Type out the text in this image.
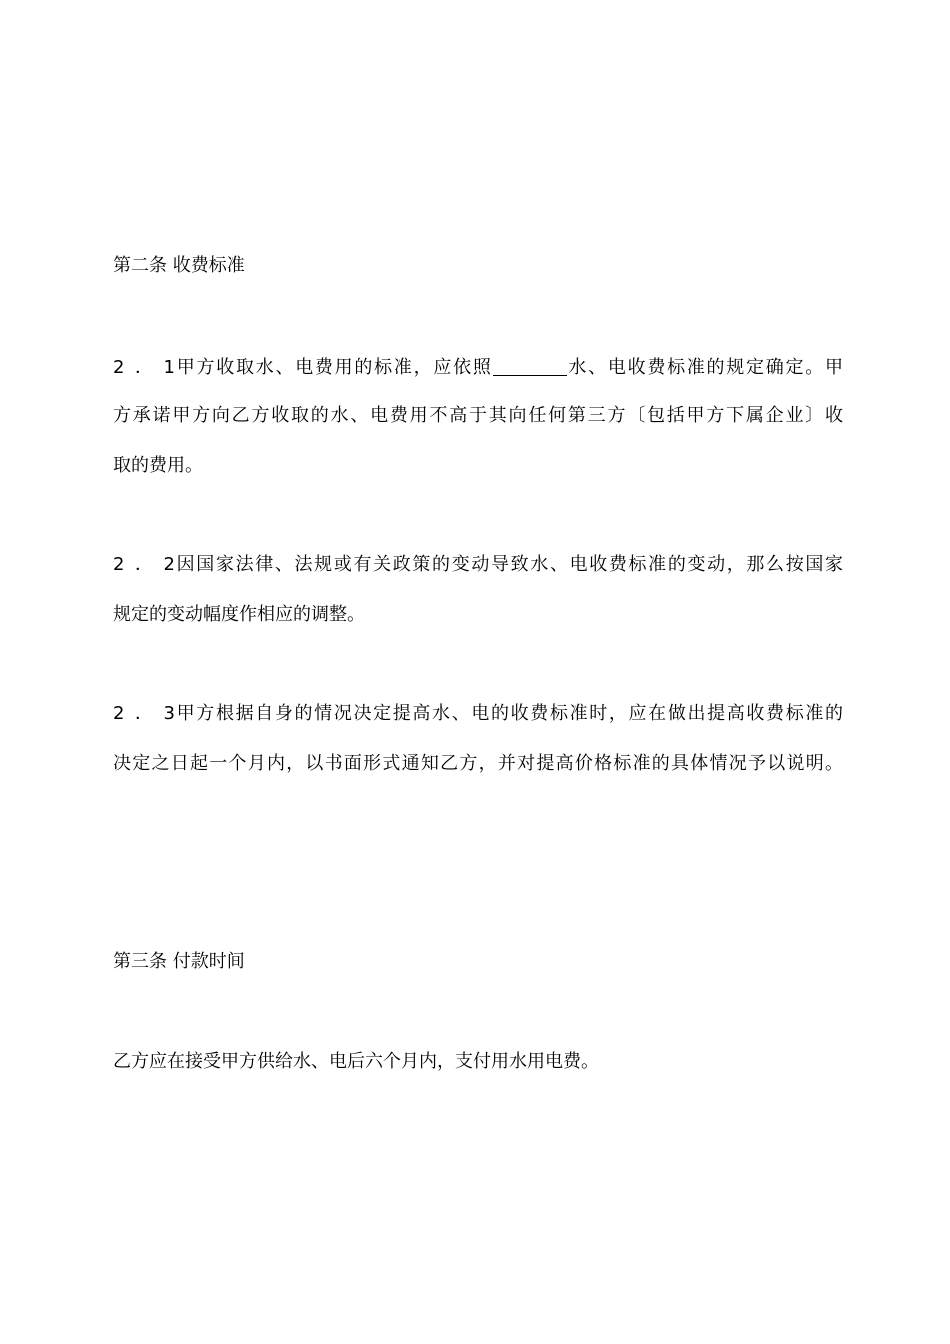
第二条 收费标准
2．1甲方收取水、电费用的标准，应依照	水、电收费标准的规定确定。甲
方承诺甲方向乙方收取的水、电费用不高于其向任何第三方〔包括甲方下属企业〕收
取的费用。
2．2因国家法律、法规或有关政策的变动导致水、电收费标准的变动，那么按国家
规定的变动幅度作相应的调整。
2．3甲方根据自身的情况决定提高水、电的收费标准时，应在做出提高收费标准的
决定之日起一个月内，以书面形式通知乙方，并对提高价格标准的具体情况予以说明。
第三条 付款时间
乙方应在接受甲方供给水、电后六个月内，支付用水用电费。
